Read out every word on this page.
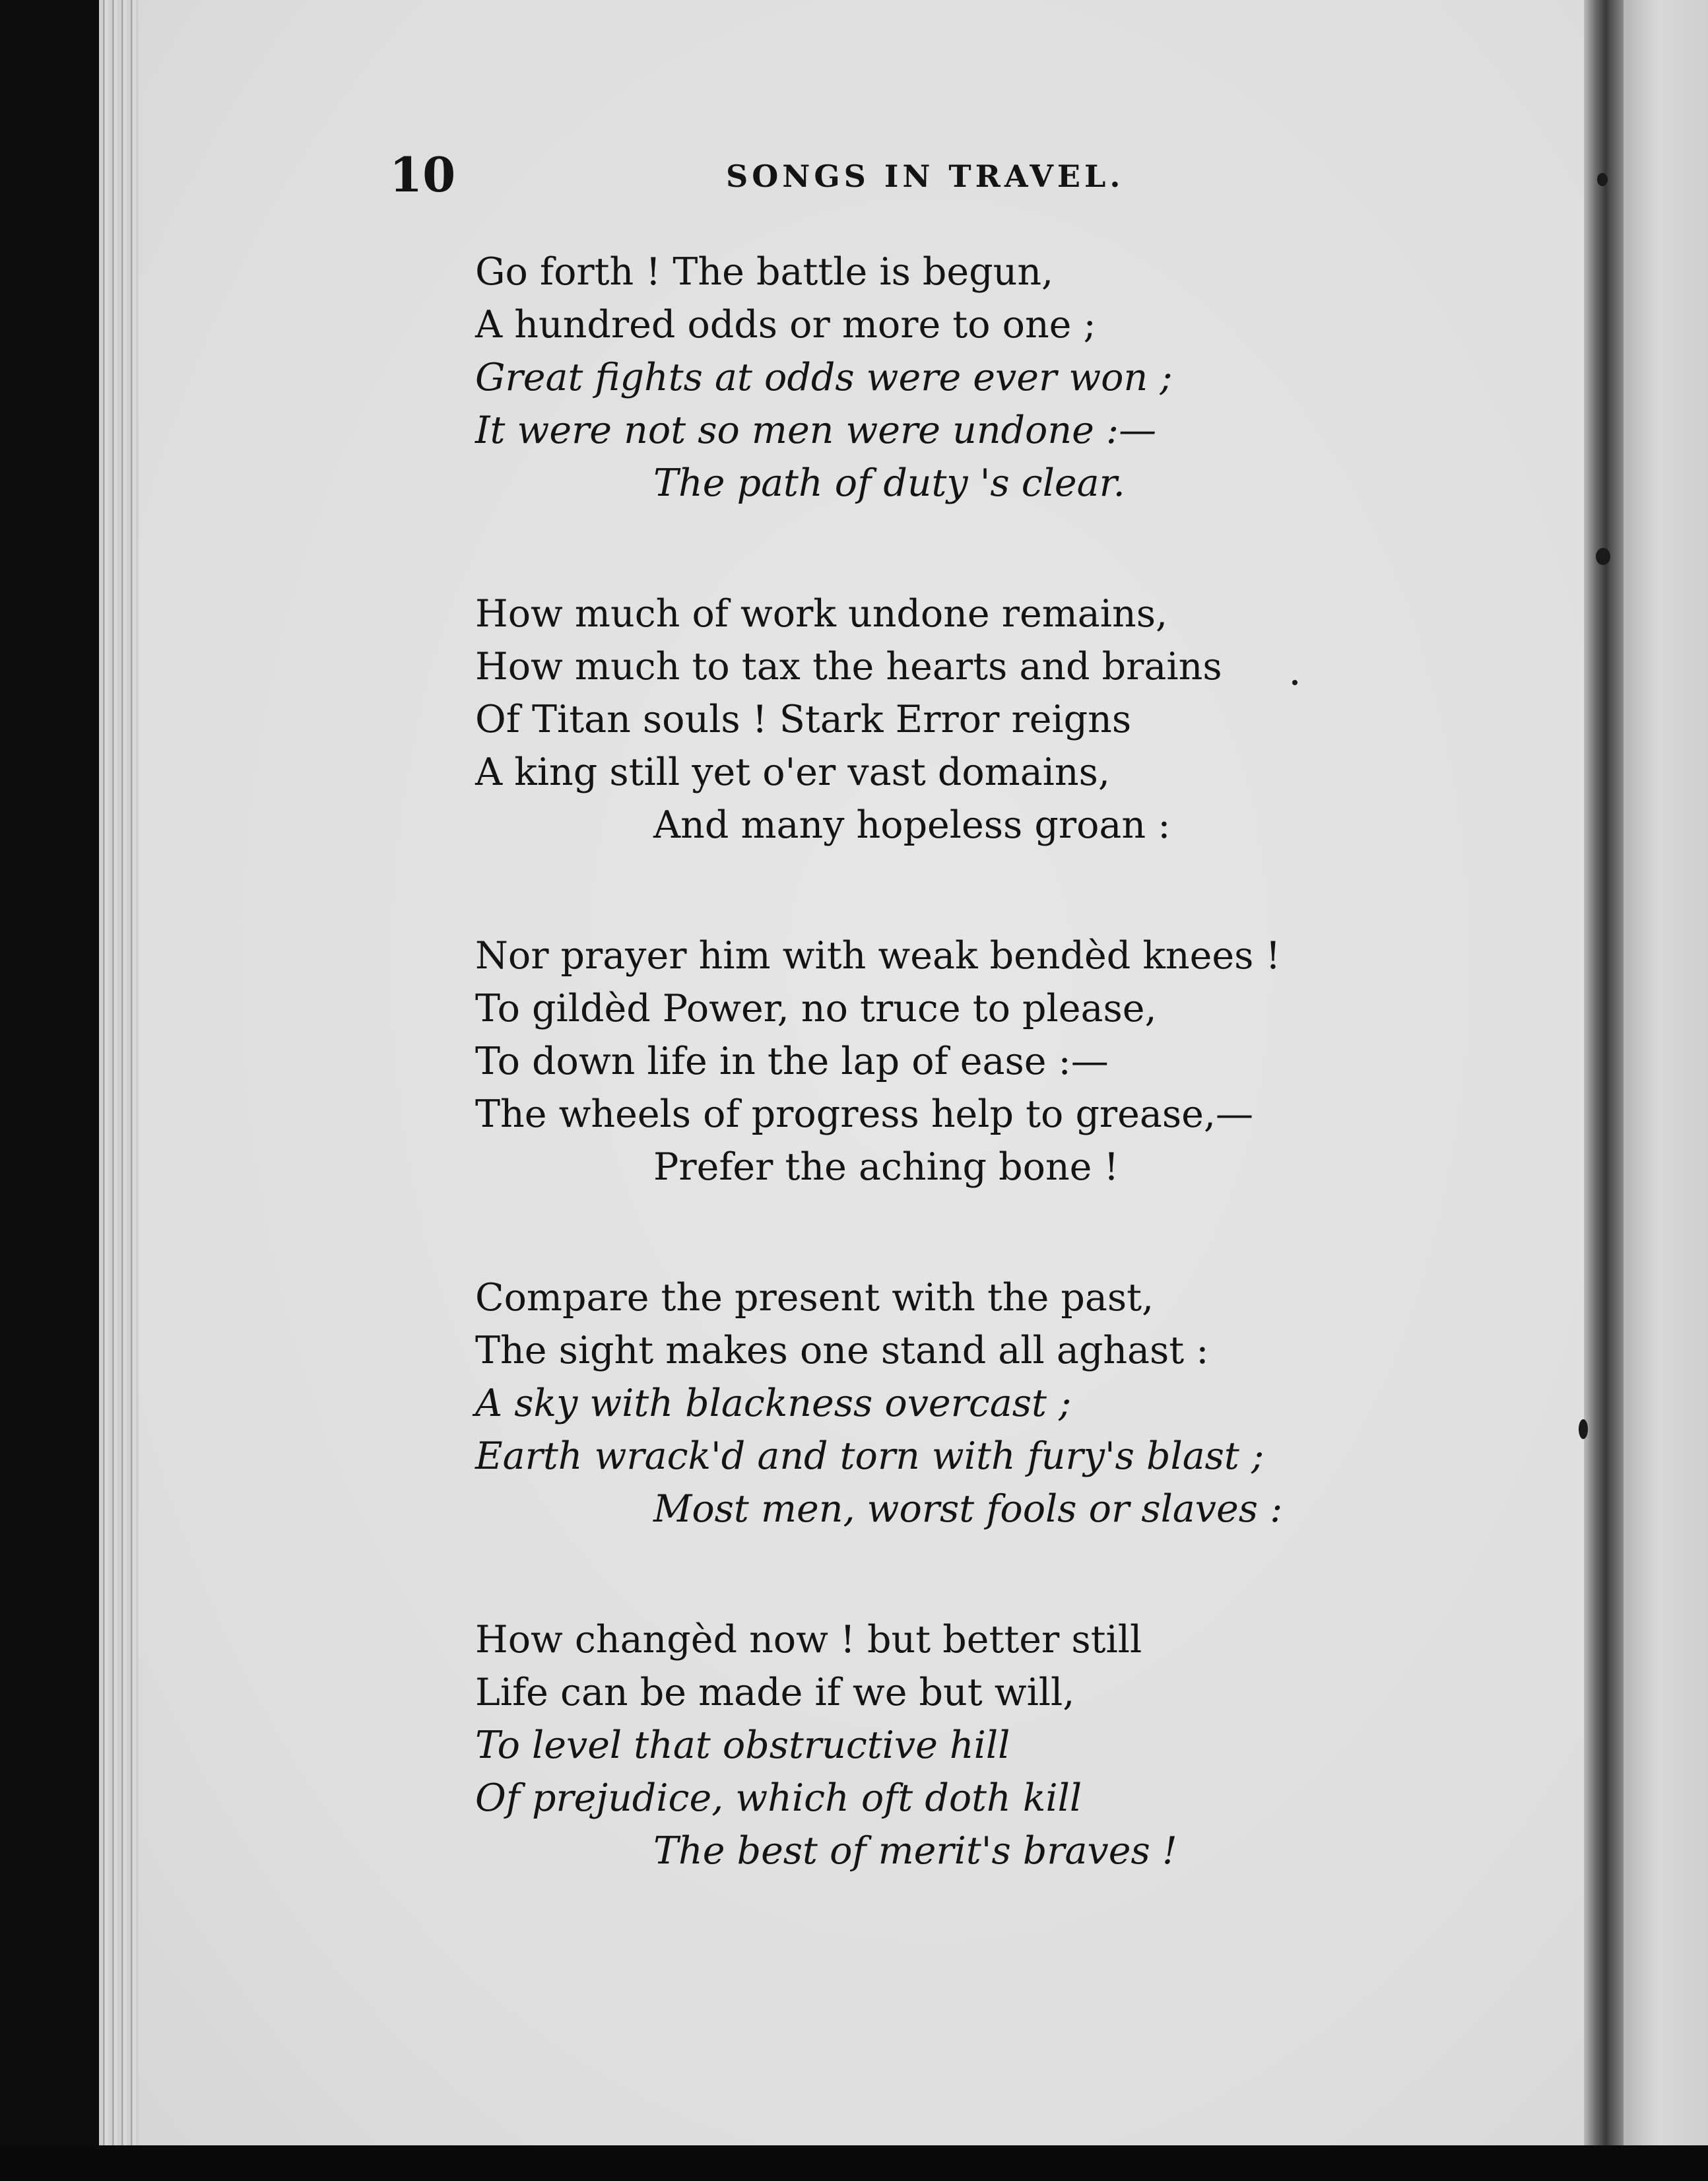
10	SONGS IN TRAVEL.
Go forth ! The battle is begun,
A hundred odds or more to one ;
Great fights at odds were ever won ;
It were not so men were undone :—
The path of duty 's clear.
How much of work undone remains,
How much to tax the hearts and brains
Of Titan souls ! Stark Error reigns
A king still yet o'er vast domains,
And many hopeless groan :
Nor prayer him with weak bendèd knees !
To gildèd Power, no truce to please,
To down life in the lap of ease :—
The wheels of progress help to grease,—
Prefer the aching bone !
Compare the present with the past,
The sight makes one stand all aghast :
A sky with blackness overcast ;
Earth wrack'd and torn with fury's blast ;
Most men, worst fools or slaves :
How changèd now ! but better still
Life can be made if we but will,
To level that obstructive hill
Of prejudice, which oft doth kill
The best of merit's braves !
